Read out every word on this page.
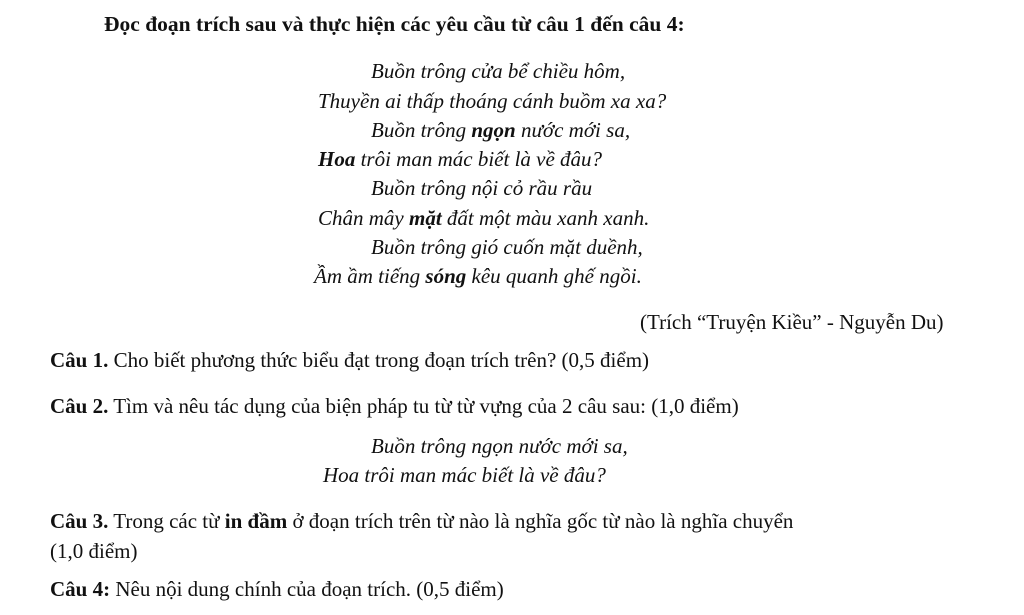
Đọc đoạn trích sau và thực hiện các yêu cầu từ câu 1 đến câu 4:
Buồn trông cửa bể chiều hôm,
Thuyền ai thấp thoáng cánh buồm xa xa?
Buồn trông ngọn nước mới sa,
Hoa trôi man mác biết là về đâu?
Buồn trông nội cỏ rầu rầu
Chân mây mặt đất một màu xanh xanh.
Buồn trông gió cuốn mặt duềnh,
Ầm ầm tiếng sóng kêu quanh ghế ngồi.
(Trích “Truyện Kiều” - Nguyễn Du)
Câu 1. Cho biết phương thức biểu đạt trong đoạn trích trên? (0,5 điểm)
Câu 2. Tìm và nêu tác dụng của biện pháp tu từ từ vựng của 2 câu sau: (1,0 điểm)
Buồn trông ngọn nước mới sa,
Hoa trôi man mác biết là về đâu?
Câu 3. Trong các từ in đầm ở đoạn trích trên từ nào là nghĩa gốc từ nào là nghĩa chuyển
(1,0 điểm)
Câu 4: Nêu nội dung chính của đoạn trích. (0,5 điểm)
